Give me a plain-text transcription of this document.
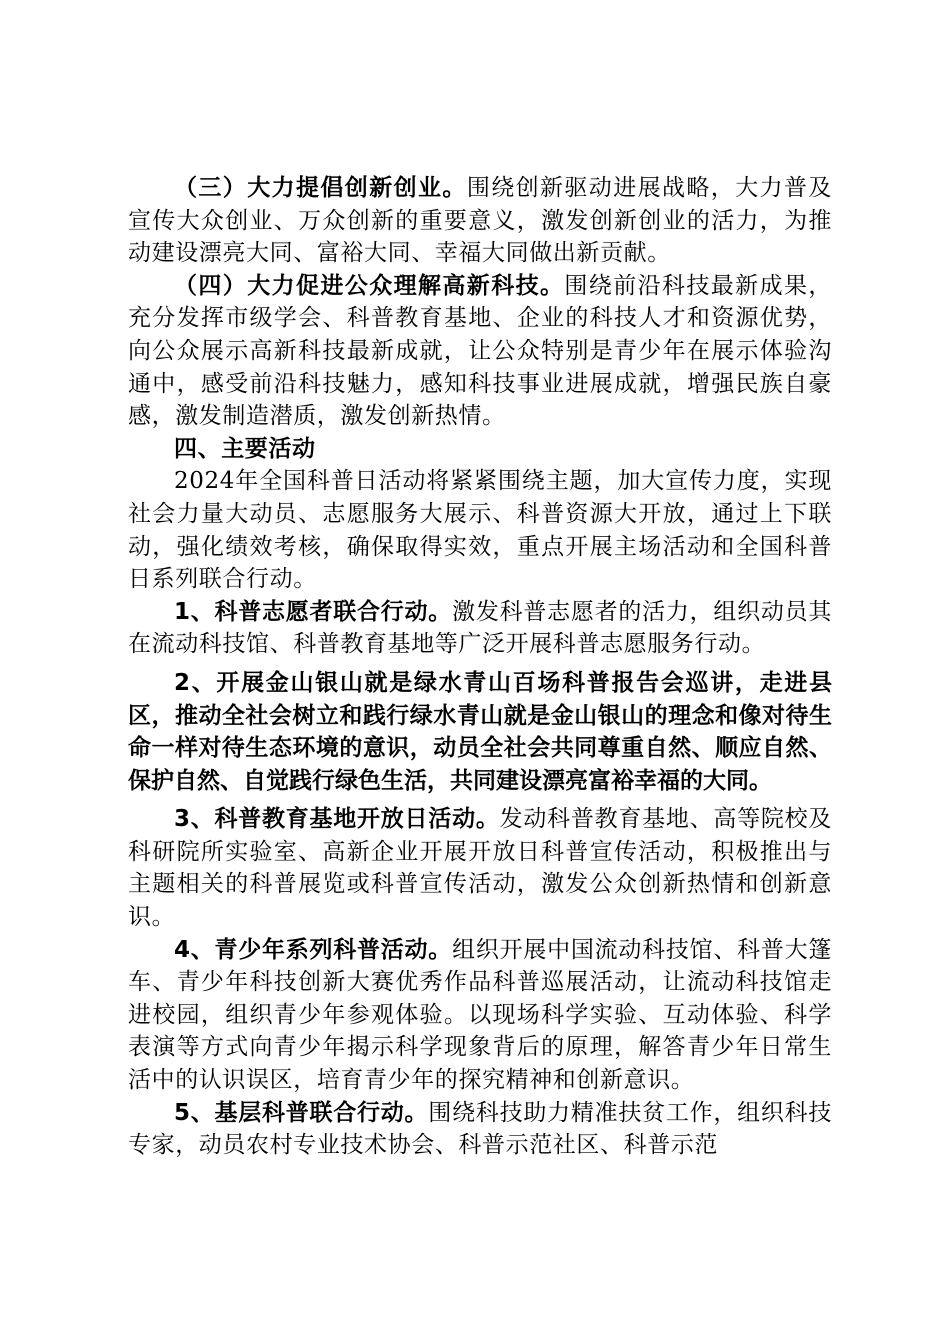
（三）大力提倡创新创业。围绕创新驱动进展战略，大力普及宣传大众创业、万众创新的重要意义，激发创新创业的活力，为推动建设漂亮大同、富裕大同、幸福大同做出新贡献。

（四）大力促进公众理解高新科技。围绕前沿科技最新成果，充分发挥市级学会、科普教育基地、企业的科技人才和资源优势，向公众展示高新科技最新成就，让公众特别是青少年在展示体验沟通中，感受前沿科技魅力，感知科技事业进展成就，增强民族自豪感，激发制造潜质，激发创新热情。

四、主要活动

2024年全国科普日活动将紧紧围绕主题，加大宣传力度，实现社会力量大动员、志愿服务大展示、科普资源大开放，通过上下联动，强化绩效考核，确保取得实效，重点开展主场活动和全国科普日系列联合行动。

1、科普志愿者联合行动。激发科普志愿者的活力，组织动员其在流动科技馆、科普教育基地等广泛开展科普志愿服务行动。

2、开展金山银山就是绿水青山百场科普报告会巡讲，走进县区，推动全社会树立和践行绿水青山就是金山银山的理念和像对待生命一样对待生态环境的意识，动员全社会共同尊重自然、顺应自然、保护自然、自觉践行绿色生活，共同建设漂亮富裕幸福的大同。

3、科普教育基地开放日活动。发动科普教育基地、高等院校及科研院所实验室、高新企业开展开放日科普宣传活动，积极推出与主题相关的科普展览或科普宣传活动，激发公众创新热情和创新意识。

4、青少年系列科普活动。组织开展中国流动科技馆、科普大篷车、青少年科技创新大赛优秀作品科普巡展活动，让流动科技馆走进校园，组织青少年参观体验。以现场科学实验、互动体验、科学表演等方式向青少年揭示科学现象背后的原理，解答青少年日常生活中的认识误区，培育青少年的探究精神和创新意识。

5、基层科普联合行动。围绕科技助力精准扶贫工作，组织科技专家，动员农村专业技术协会、科普示范社区、科普示范
